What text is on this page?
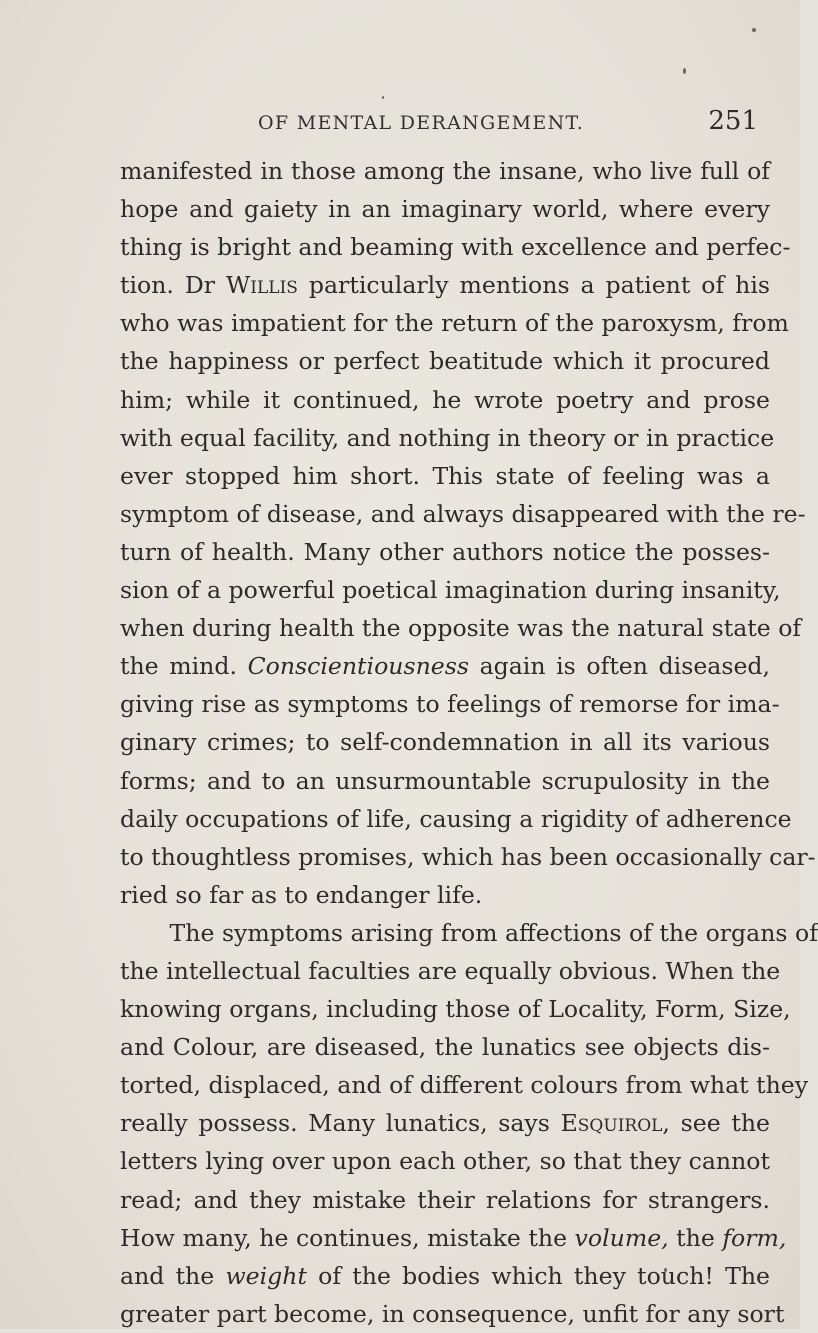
OF MENTAL DERANGEMENT.	251
manifested in those among the insane, who live full of
hope and gaiety in an imaginary world, where every
thing is bright and beaming with excellence and perfec-
tion. Dr Willis particularly mentions a patient of his
who was impatient for the return of the paroxysm, from
the happiness or perfect beatitude which it procured
him; while it continued, he wrote poetry and prose
with equal facility, and nothing in theory or in practice
ever stopped him short. This state of feeling was a
symptom of disease, and always disappeared with the re-
turn of health. Many other authors notice the posses-
sion of a powerful poetical imagination during insanity,
when during health the opposite was the natural state of
the mind. Conscientiousness again is often diseased,
giving rise as symptoms to feelings of remorse for ima-
ginary crimes; to self-condemnation in all its various
forms; and to an unsurmountable scrupulosity in the
daily occupations of life, causing a rigidity of adherence
to thoughtless promises, which has been occasionally car-
ried so far as to endanger life.
The symptoms arising from affections of the organs of
the intellectual faculties are equally obvious. When the
knowing organs, including those of Locality, Form, Size,
and Colour, are diseased, the lunatics see objects dis-
torted, displaced, and of different colours from what they
really possess. Many lunatics, says Esquirol, see the
letters lying over upon each other, so that they cannot
read; and they mistake their relations for strangers.
How many, he continues, mistake the volume, the form,
and the weight of the bodies which they touch! The
greater part become, in consequence, unfit for any sort
